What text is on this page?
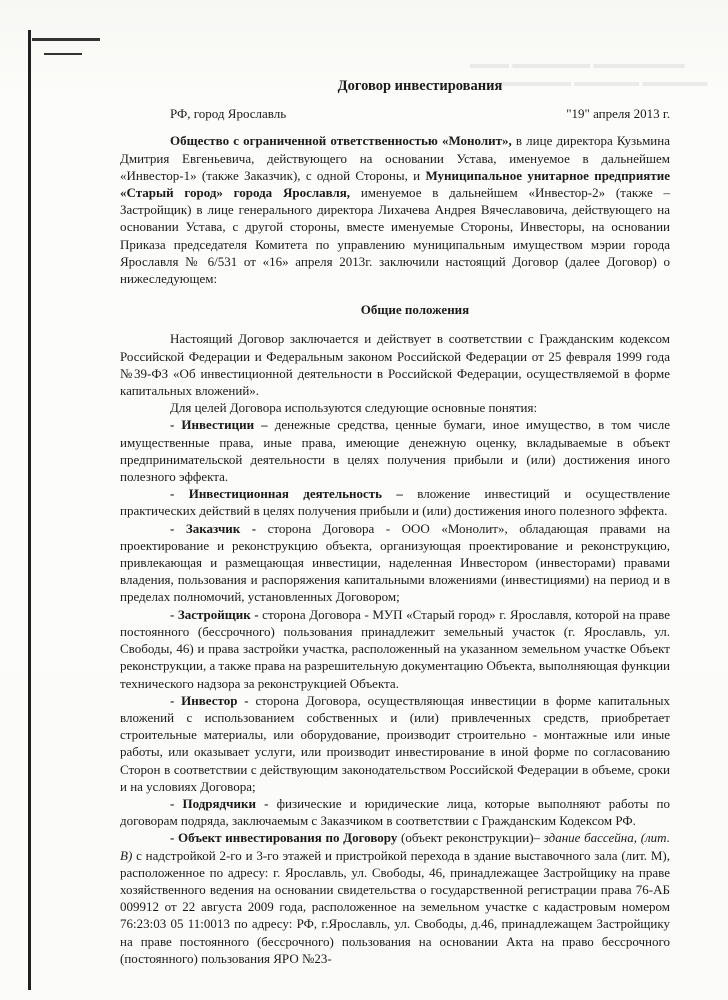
▬▬▬ ▬▬▬▬▬▬ ▬▬▬▬▬▬▬
▬▬▬▬▬▬▬ ▬▬▬▬▬ ▬▬▬▬▬
Договор инвестирования
РФ, город Ярославль	"19" апреля 2013 г.

Общество с ограниченной ответственностью «Монолит», в лице директора Кузьмина Дмитрия Евгеньевича, действующего на основании Устава, именуемое в дальнейшем «Инвестор-1» (также Заказчик), с одной Стороны, и Муниципальное унитарное предприятие «Старый город» города Ярославля, именуемое в дальнейшем «Инвестор-2» (также – Застройщик) в лице генерального директора Лихачева Андрея Вячеславовича, действующего на основании Устава, с другой стороны, вместе именуемые Стороны, Инвесторы, на основании Приказа председателя Комитета по управлению муниципальным имуществом мэрии города Ярославля № 6/531 от «16» апреля 2013г. заключили настоящий Договор (далее Договор) о нижеследующем:

Общие положения

Настоящий Договор заключается и действует в соответствии с Гражданским кодексом Российской Федерации и Федеральным законом Российской Федерации от 25 февраля 1999 года №39-ФЗ «Об инвестиционной деятельности в Российской Федерации, осуществляемой в форме капитальных вложений».

Для целей Договора используются следующие основные понятия:

- Инвестиции – денежные средства, ценные бумаги, иное имущество, в том числе имущественные права, иные права, имеющие денежную оценку, вкладываемые в объект предпринимательской деятельности в целях получения прибыли и (или) достижения иного полезного эффекта.

- Инвестиционная деятельность – вложение инвестиций и осуществление практических действий в целях получения прибыли и (или) достижения иного полезного эффекта.

- Заказчик - сторона Договора - ООО «Монолит», обладающая правами на проектирование и реконструкцию объекта, организующая проектирование и реконструкцию, привлекающая и размещающая инвестиции, наделенная Инвестором (инвесторами) правами владения, пользования и распоряжения капитальными вложениями (инвестициями) на период и в пределах полномочий, установленных Договором;

- Застройщик - сторона Договора - МУП «Старый город» г. Ярославля, которой на праве постоянного (бессрочного) пользования принадлежит земельный участок (г. Ярославль, ул. Свободы, 46) и права застройки участка, расположенный на указанном земельном участке Объект реконструкции, а также права на разрешительную документацию Объекта, выполняющая функции технического надзора за реконструкцией Объекта.

- Инвестор - сторона Договора, осуществляющая инвестиции в форме капитальных вложений с использованием собственных и (или) привлеченных средств, приобретает строительные материалы, или оборудование, производит строительно - монтажные или иные работы, или оказывает услуги, или производит инвестирование в иной форме по согласованию Сторон в соответствии с действующим законодательством Российской Федерации в объеме, сроки и на условиях Договора;

- Подрядчики - физические и юридические лица, которые выполняют работы по договорам подряда, заключаемым с Заказчиком в соответствии с Гражданским Кодексом РФ.

- Объект инвестирования по Договору (объект реконструкции)– здание бассейна, (лит. В) с надстройкой 2-го и 3-го этажей и пристройкой перехода в здание выставочного зала (лит. М), расположенное по адресу: г. Ярославль, ул. Свободы, 46, принадлежащее Застройщику на праве хозяйственного ведения на основании свидетельства о государственной регистрации права 76-АБ 009912 от 22 августа 2009 года, расположенное на земельном участке с кадастровым номером 76:23:03 05 11:0013 по адресу: РФ, г.Ярославль, ул. Свободы, д.46, принадлежащем Застройщику на праве постоянного (бессрочного) пользования на основании Акта на право бессрочного (постоянного) пользования ЯРО №23-
